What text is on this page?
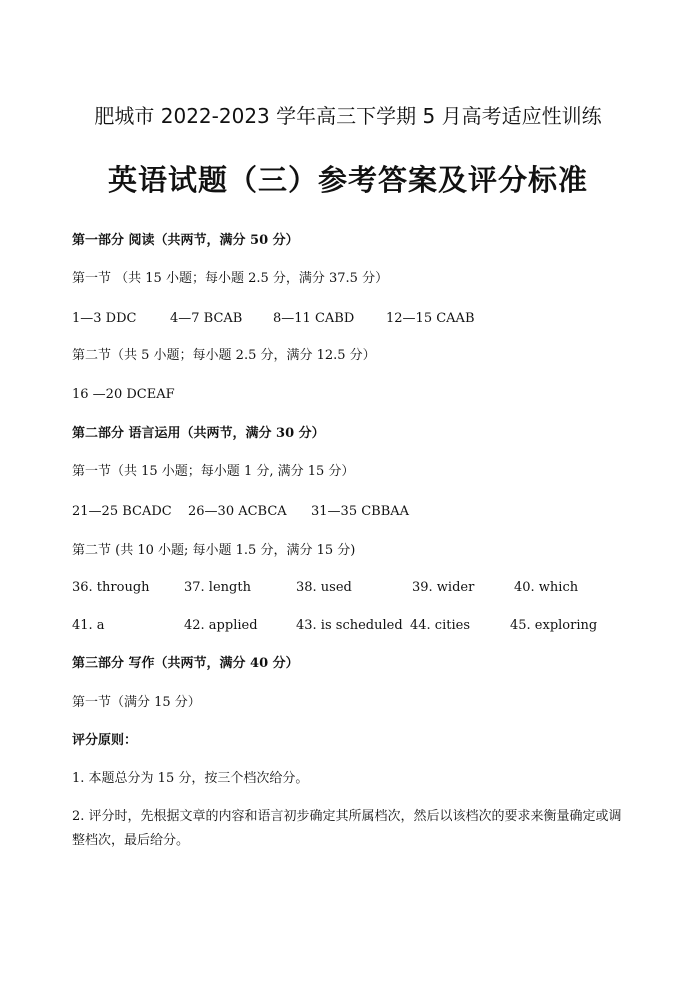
肥城市 2022-2023 学年高三下学期 5 月高考适应性训练
英语试题（三）参考答案及评分标准
第一部分 阅读（共两节，满分 50 分）
第一节 （共 15 小题；每小题 2.5 分，满分 37.5 分）
1—3 DDC	4—7 BCAB 8—11 CABD 12—15 CAAB
第二节（共 5 小题；每小题 2.5 分，满分 12.5 分）
16 —20 DCEAF
第二部分 语言运用（共两节，满分 30 分）
第一节（共 15 小题；每小题 1 分, 满分 15 分）
21—25 BCADC 26—30 ACBCA 31—35 CBBAA
第二节 (共 10 小题; 每小题 1.5 分，满分 15 分)
36. through	37. length	38. used	39. wider	40. which
41. a	42. applied	43. is scheduled 44. cities	45. exploring
第三部分 写作（共两节，满分 40 分）
第一节（满分 15 分）
评分原则：
1. 本题总分为 15 分，按三个档次给分。
2. 评分时，先根据文章的内容和语言初步确定其所属档次，然后以该档次的要求来衡量确定或调整档次，最后给分。
